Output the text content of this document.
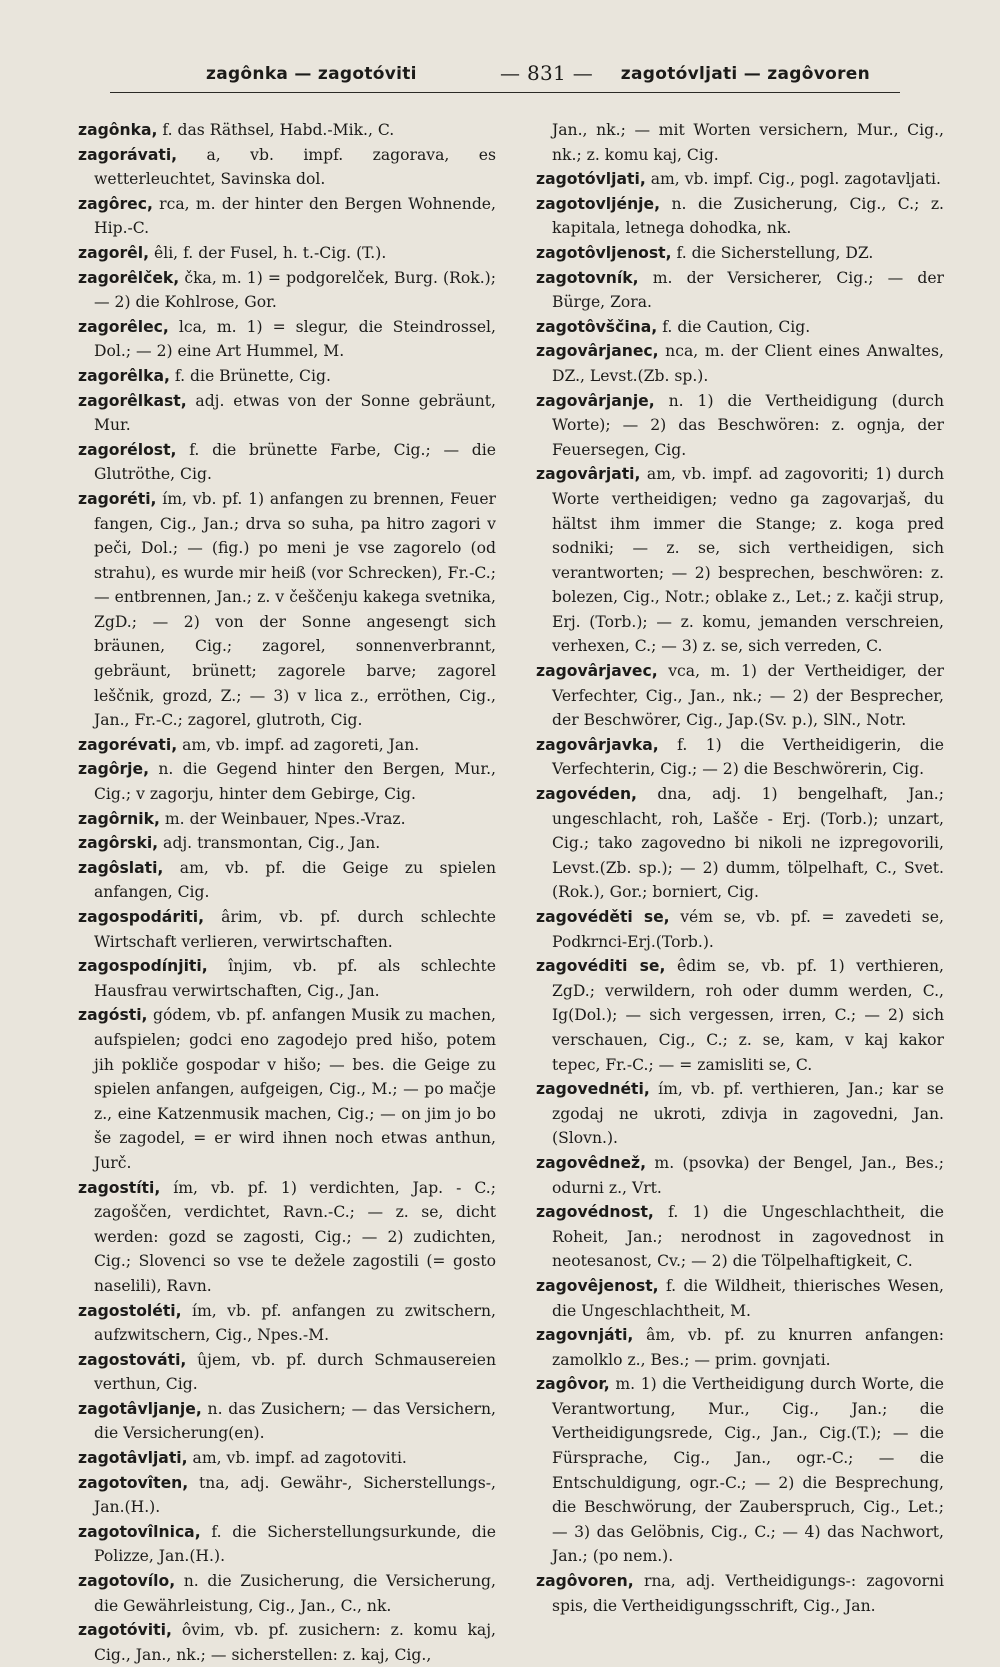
zagônka — zagotóviti	— 831 — zagotóvljati — zagôvoren

zagônka, f. das Räthsel, Habd.-Mik., C.

zagorávati, a, vb. impf. zagorava, es wetterleuchtet, Savinska dol.

zagôrec, rca, m. der hinter den Bergen Wohnende, Hip.-C.

zagorêl, êli, f. der Fusel, h. t.-Cig. (T.).

zagorêlček, čka, m. 1) = podgorelček, Burg. (Rok.); — 2) die Kohlrose, Gor.

zagorêlec, lca, m. 1) = slegur, die Steindrossel, Dol.; — 2) eine Art Hummel, M.

zagorêlka, f. die Brünette, Cig.

zagorêlkast, adj. etwas von der Sonne gebräunt, Mur.

zagorélost, f. die brünette Farbe, Cig.; — die Glutröthe, Cig.

zagoréti, ím, vb. pf. 1) anfangen zu brennen, Feuer fangen, Cig., Jan.; drva so suha, pa hitro zagori v peči, Dol.; — (fig.) po meni je vse zagorelo (od strahu), es wurde mir heiß (vor Schrecken), Fr.-C.; — entbrennen, Jan.; z. v češčenju kakega svetnika, ZgD.; — 2) von der Sonne angesengt sich bräunen, Cig.; zagorel, sonnenverbrannt, gebräunt, brünett; zagorele barve; zagorel leščnik, grozd, Z.; — 3) v lica z., erröthen, Cig., Jan., Fr.-C.; zagorel, glutroth, Cig.

zagorévati, am, vb. impf. ad zagoreti, Jan.

zagôrje, n. die Gegend hinter den Bergen, Mur., Cig.; v zagorju, hinter dem Gebirge, Cig.

zagôrnik, m. der Weinbauer, Npes.-Vraz.

zagôrski, adj. transmontan, Cig., Jan.

zagôslati, am, vb. pf. die Geige zu spielen anfangen, Cig.

zagospodáriti, ârim, vb. pf. durch schlechte Wirtschaft verlieren, verwirtschaften.

zagospodínjiti, înjim, vb. pf. als schlechte Hausfrau verwirtschaften, Cig., Jan.

zagósti, gódem, vb. pf. anfangen Musik zu machen, aufspielen; godci eno zagodejo pred hišo, potem jih pokliče gospodar v hišo; — bes. die Geige zu spielen anfangen, aufgeigen, Cig., M.; — po mačje z., eine Katzenmusik machen, Cig.; — on jim jo bo še zagodel, = er wird ihnen noch etwas anthun, Jurč.

zagostíti, ím, vb. pf. 1) verdichten, Jap. - C.; zagoščen, verdichtet, Ravn.-C.; — z. se, dicht werden: gozd se zagosti, Cig.; — 2) zudichten, Cig.; Slovenci so vse te dežele zagostili (= gosto naselili), Ravn.

zagostoléti, ím, vb. pf. anfangen zu zwitschern, aufzwitschern, Cig., Npes.-M.

zagostováti, ûjem, vb. pf. durch Schmausereien verthun, Cig.

zagotâvljanje, n. das Zusichern; — das Versichern, die Versicherung(en).

zagotâvljati, am, vb. impf. ad zagotoviti.

zagotovîten, tna, adj. Gewähr-, Sicherstellungs-, Jan.(H.).

zagotovîlnica, f. die Sicherstellungsurkunde, die Polizze, Jan.(H.).

zagotovílo, n. die Zusicherung, die Versicherung, die Gewährleistung, Cig., Jan., C., nk.

zagotóviti, ôvim, vb. pf. zusichern: z. komu kaj, Cig., Jan., nk.; — sicherstellen: z. kaj, Cig.,

Jan., nk.; — mit Worten versichern, Mur., Cig., nk.; z. komu kaj, Cig.

zagotóvljati, am, vb. impf. Cig., pogl. zagotavljati.

zagotovljénje, n. die Zusicherung, Cig., C.; z. kapitala, letnega dohodka, nk.

zagotôvljenost, f. die Sicherstellung, DZ.

zagotovník, m. der Versicherer, Cig.; — der Bürge, Zora.

zagotôvščina, f. die Caution, Cig.

zagovârjanec, nca, m. der Client eines Anwaltes, DZ., Levst.(Zb. sp.).

zagovârjanje, n. 1) die Vertheidigung (durch Worte); — 2) das Beschwören: z. ognja, der Feuersegen, Cig.

zagovârjati, am, vb. impf. ad zagovoriti; 1) durch Worte vertheidigen; vedno ga zagovarjaš, du hältst ihm immer die Stange; z. koga pred sodniki; — z. se, sich vertheidigen, sich verantworten; — 2) besprechen, beschwören: z. bolezen, Cig., Notr.; oblake z., Let.; z. kačji strup, Erj. (Torb.); — z. komu, jemanden verschreien, verhexen, C.; — 3) z. se, sich verreden, C.

zagovârjavec, vca, m. 1) der Vertheidiger, der Verfechter, Cig., Jan., nk.; — 2) der Besprecher, der Beschwörer, Cig., Jap.(Sv. p.), SlN., Notr.

zagovârjavka, f. 1) die Vertheidigerin, die Verfechterin, Cig.; — 2) die Beschwörerin, Cig.

zagovéden, dna, adj. 1) bengelhaft, Jan.; ungeschlacht, roh, Lašče - Erj. (Torb.); unzart, Cig.; tako zagovedno bi nikoli ne izpregovorili, Levst.(Zb. sp.); — 2) dumm, tölpelhaft, C., Svet.(Rok.), Gor.; borniert, Cig.

zagovéděti se, vém se, vb. pf. = zavedeti se, Podkrnci-Erj.(Torb.).

zagovéditi se, êdim se, vb. pf. 1) verthieren, ZgD.; verwildern, roh oder dumm werden, C., Ig(Dol.); — sich vergessen, irren, C.; — 2) sich verschauen, Cig., C.; z. se, kam, v kaj kakor tepec, Fr.-C.; — = zamisliti se, C.

zagovednéti, ím, vb. pf. verthieren, Jan.; kar se zgodaj ne ukroti, zdivja in zagovedni, Jan.(Slovn.).

zagovêdnež, m. (psovka) der Bengel, Jan., Bes.; odurni z., Vrt.

zagovédnost, f. 1) die Ungeschlachtheit, die Roheit, Jan.; nerodnost in zagovednost in neotesanost, Cv.; — 2) die Tölpelhaftigkeit, C.

zagovêjenost, f. die Wildheit, thierisches Wesen, die Ungeschlachtheit, M.

zagovnjáti, âm, vb. pf. zu knurren anfangen: zamolklo z., Bes.; — prim. govnjati.

zagôvor, m. 1) die Vertheidigung durch Worte, die Verantwortung, Mur., Cig., Jan.; die Vertheidigungsrede, Cig., Jan., Cig.(T.); — die Fürsprache, Cig., Jan., ogr.-C.; — die Entschuldigung, ogr.-C.; — 2) die Besprechung, die Beschwörung, der Zauberspruch, Cig., Let.; — 3) das Gelöbnis, Cig., C.; — 4) das Nachwort, Jan.; (po nem.).

zagôvoren, rna, adj. Vertheidigungs-: zagovorni spis, die Vertheidigungsschrift, Cig., Jan.
